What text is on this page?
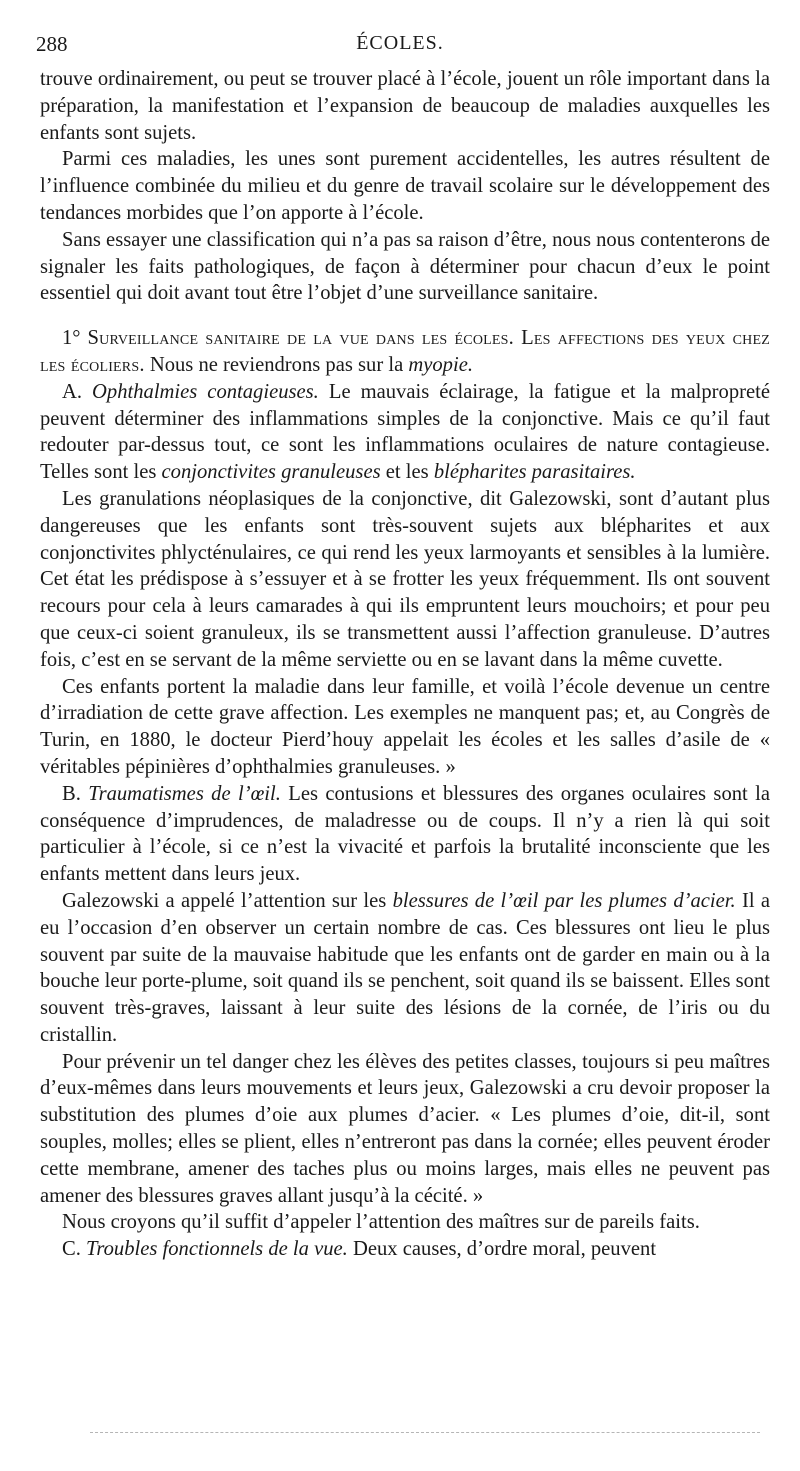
288	ÉCOLES.

trouve ordinairement, ou peut se trouver placé à l’école, jouent un rôle important dans la préparation, la manifestation et l’expansion de beaucoup de maladies auxquelles les enfants sont sujets.

Parmi ces maladies, les unes sont purement accidentelles, les autres résultent de l’influence combinée du milieu et du genre de travail scolaire sur le développement des tendances morbides que l’on apporte à l’école.

Sans essayer une classification qui n’a pas sa raison d’être, nous nous contenterons de signaler les faits pathologiques, de façon à déterminer pour chacun d’eux le point essentiel qui doit avant tout être l’objet d’une surveillance sanitaire.

1° Surveillance sanitaire de la vue dans les écoles. Les affections des yeux chez les écoliers. Nous ne reviendrons pas sur la myopie.

A. Ophthalmies contagieuses. Le mauvais éclairage, la fatigue et la malpropreté peuvent déterminer des inflammations simples de la conjonctive. Mais ce qu’il faut redouter par-dessus tout, ce sont les inflammations oculaires de nature contagieuse. Telles sont les conjonctivites granuleuses et les blépharites parasitaires.

Les granulations néoplasiques de la conjonctive, dit Galezowski, sont d’autant plus dangereuses que les enfants sont très-souvent sujets aux blépharites et aux conjonctivites phlycténulaires, ce qui rend les yeux larmoyants et sensibles à la lumière. Cet état les prédispose à s’essuyer et à se frotter les yeux fréquemment. Ils ont souvent recours pour cela à leurs camarades à qui ils empruntent leurs mouchoirs; et pour peu que ceux-ci soient granuleux, ils se transmettent aussi l’affection granuleuse. D’autres fois, c’est en se servant de la même serviette ou en se lavant dans la même cuvette.

Ces enfants portent la maladie dans leur famille, et voilà l’école devenue un centre d’irradiation de cette grave affection. Les exemples ne manquent pas; et, au Congrès de Turin, en 1880, le docteur Pierd’houy appelait les écoles et les salles d’asile de « véritables pépinières d’ophthalmies granuleuses. »

B. Traumatismes de l’œil. Les contusions et blessures des organes oculaires sont la conséquence d’imprudences, de maladresse ou de coups. Il n’y a rien là qui soit particulier à l’école, si ce n’est la vivacité et parfois la brutalité inconsciente que les enfants mettent dans leurs jeux.

Galezowski a appelé l’attention sur les blessures de l’œil par les plumes d’acier. Il a eu l’occasion d’en observer un certain nombre de cas. Ces blessures ont lieu le plus souvent par suite de la mauvaise habitude que les enfants ont de garder en main ou à la bouche leur porte-plume, soit quand ils se penchent, soit quand ils se baissent. Elles sont souvent très-graves, laissant à leur suite des lésions de la cornée, de l’iris ou du cristallin.

Pour prévenir un tel danger chez les élèves des petites classes, toujours si peu maîtres d’eux-mêmes dans leurs mouvements et leurs jeux, Galezowski a cru devoir proposer la substitution des plumes d’oie aux plumes d’acier. « Les plumes d’oie, dit-il, sont souples, molles; elles se plient, elles n’entreront pas dans la cornée; elles peuvent éroder cette membrane, amener des taches plus ou moins larges, mais elles ne peuvent pas amener des blessures graves allant jusqu’à la cécité. »

Nous croyons qu’il suffit d’appeler l’attention des maîtres sur de pareils faits.

C. Troubles fonctionnels de la vue. Deux causes, d’ordre moral, peuvent
